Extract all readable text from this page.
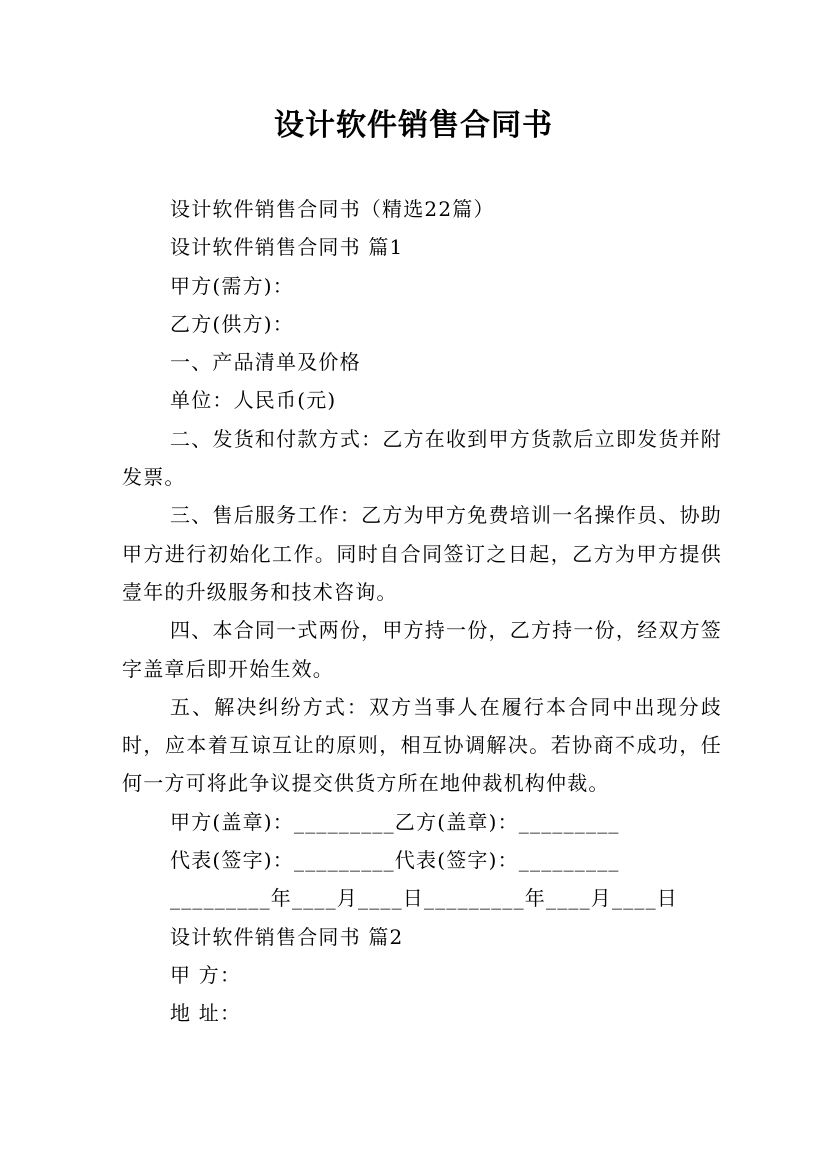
设计软件销售合同书
设计软件销售合同书（精选22篇）
设计软件销售合同书 篇1
甲方(需方)：
乙方(供方)：
一、产品清单及价格
单位：人民币(元)
二、发货和付款方式：乙方在收到甲方货款后立即发货并附发票。
三、售后服务工作：乙方为甲方免费培训一名操作员、协助甲方进行初始化工作。同时自合同签订之日起，乙方为甲方提供壹年的升级服务和技术咨询。
四、本合同一式两份，甲方持一份，乙方持一份，经双方签字盖章后即开始生效。
五、解决纠纷方式：双方当事人在履行本合同中出现分歧时，应本着互谅互让的原则，相互协调解决。若协商不成功，任何一方可将此争议提交供货方所在地仲裁机构仲裁。
甲方(盖章)：_________乙方(盖章)：_________
代表(签字)：_________代表(签字)：_________
_________年____月____日_________年____月____日
设计软件销售合同书 篇2
甲 方：
地 址：
